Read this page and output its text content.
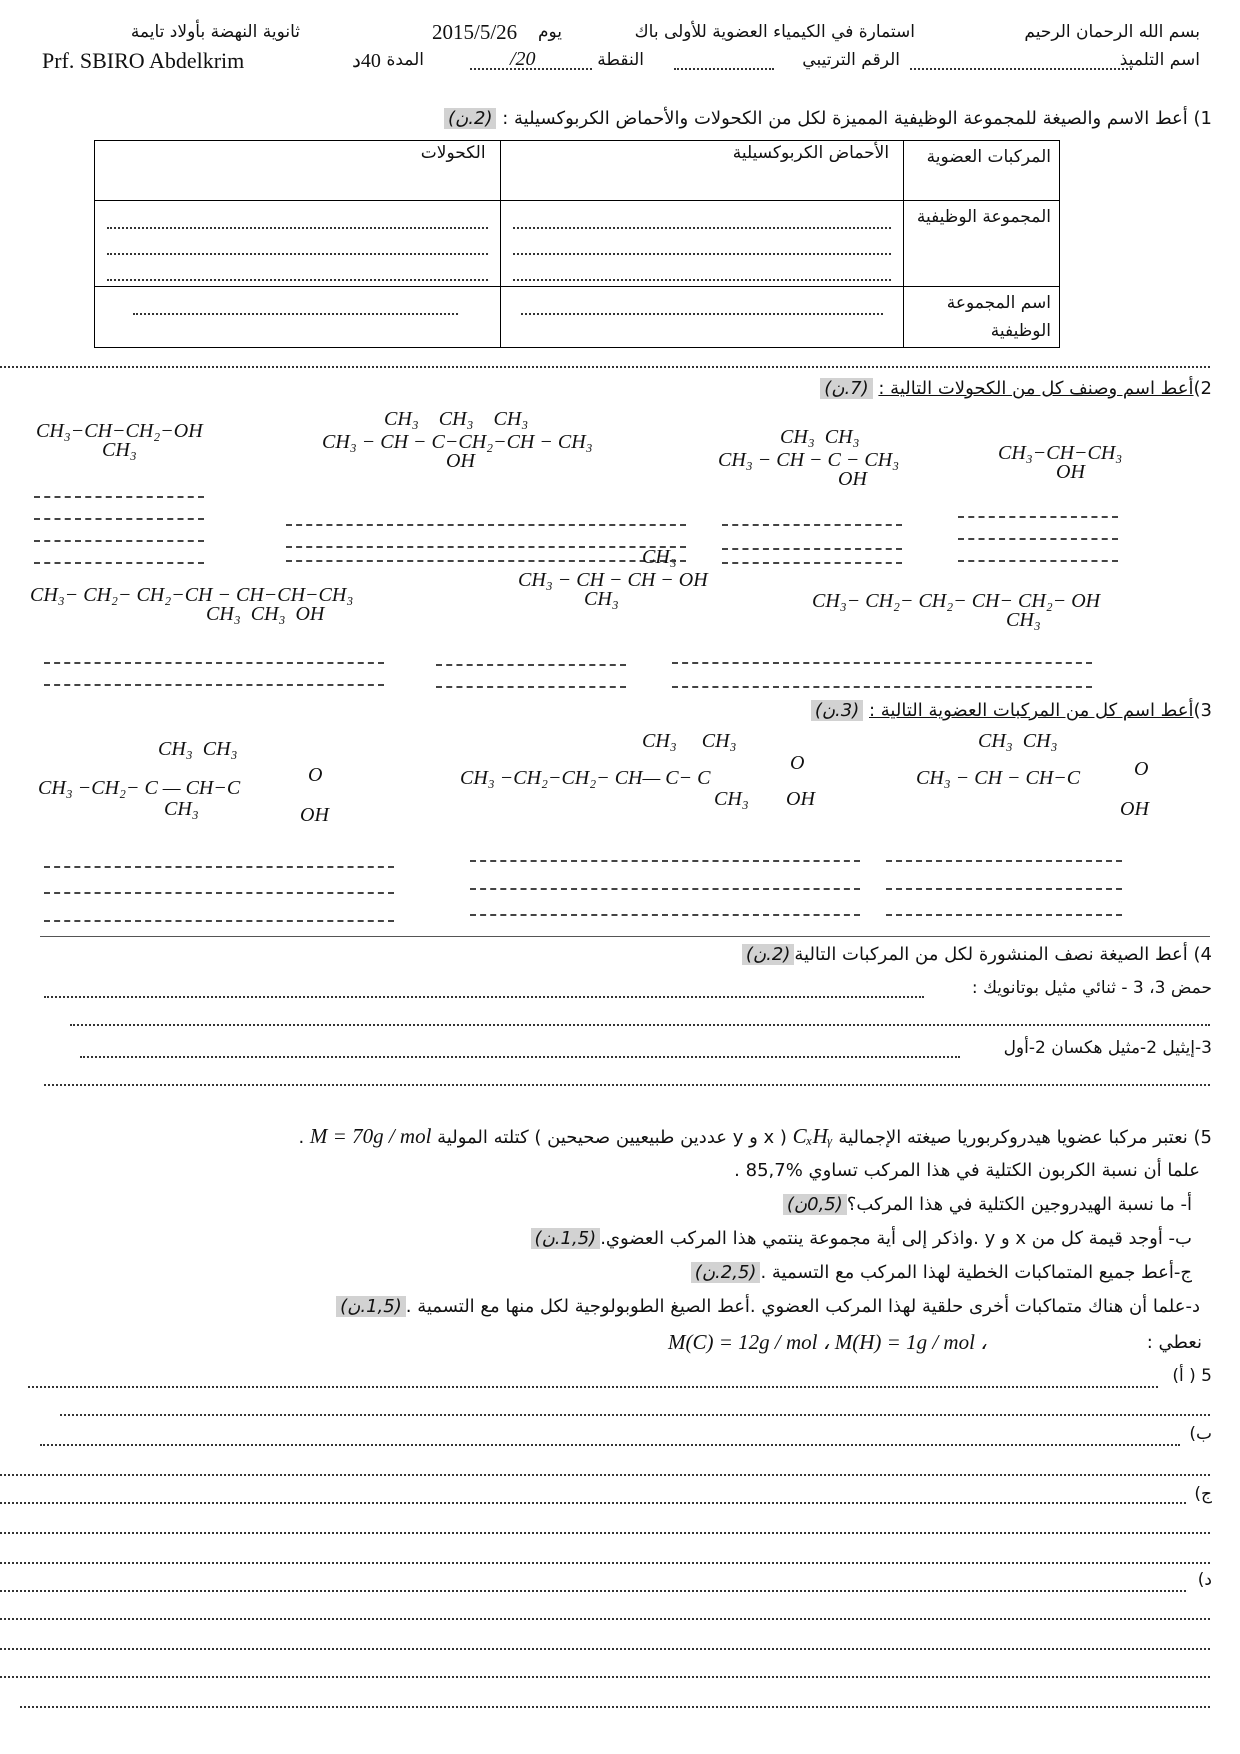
بسم الله الرحمان الرحيم
استمارة في الكيمياء العضوية للأولى باك
يوم
2015/5/26
ثانوية النهضة بأولاد تايمة
اسم التلميذ
الرقم الترتيبي
النقطة
/20
المدة
40د
Prf. SBIRO Abdelkrim
1) أعط الاسم والصيغة للمجموعة الوظيفية المميزة لكل من الكحولات والأحماض الكربوكسيلية : (2.ن)
المركبات العضوية	الأحماض الكربوكسيلية	الكحولات
المجموعة الوظيفية	

اسم المجموعة الوظيفية	

2)أعط اسم وصنف كل من الكحولات التالية : (7.ن)
CH₃−CH−CH₂−OH
CH₃
CH₃    CH₃    CH₃
CH₃ − CH − C−CH₂−CH − CH₃
OH
CH₃  CH₃
CH₃ − CH − C − CH₃
OH
CH₃−CH−CH₃
OH
CH₃− CH₂− CH₂−CH − CH−CH−CH₃
CH₃  CH₃  OH
CH₃
CH₃ − CH − CH − OH
CH₃	CH₃− CH₂− CH₂− CH− CH₂− OH
CH₃
3)أعط اسم كل من المركبات العضوية التالية : (3.ن)
CH₃  CH₃
CH₃ −CH₂− C — CH−C
CH₃
O
OH
CH₃     CH₃
CH₃ −CH₂−CH₂− CH— C− C
CH₃
O
OH
CH₃  CH₃
CH₃ − CH − CH−C	O
OH
4) أعط الصيغة نصف المنشورة لكل من المركبات التالية(2.ن)
حمض 3، 3 - ثنائي مثيل بوتانويك :
3-إيثيل 2-مثيل هكسان 2-أول
5) نعتبر مركبا عضويا هيدروكربوريا صيغته الإجمالية CₓHᵧ ( x و y عددين طبيعيين صحيحين ) كتلته المولية M = 70g / mol .
علما أن نسبة الكربون الكتلية في هذا المركب تساوي %85,7 .
أ- ما نسبة الهيدروجين الكتلية في هذا المركب؟(0,5ن)
ب- أوجد قيمة كل من x و y .واذكر إلى أية مجموعة ينتمي هذا المركب العضوي.(1,5.ن)
ج-أعط جميع المتماكبات الخطية لهذا المركب مع التسمية .(2,5.ن)
د-علما أن هناك متماكبات أخرى حلقية لهذا المركب العضوي .أعط الصيغ الطوبولوجية لكل منها مع التسمية .(1,5.ن)
نعطي :
M(C) = 12g / mol ، M(H) = 1g / mol ،
5 ( أ)
ب)
ج)
د)
